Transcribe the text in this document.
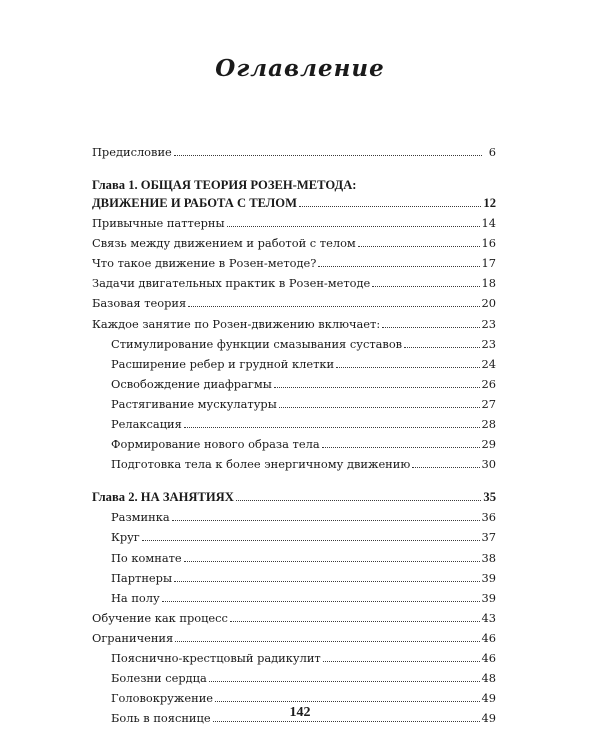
Оглавление
Предисловие	6
Глава 1. ОБЩАЯ ТЕОРИЯ РОЗЕН-МЕТОДА:
ДВИЖЕНИЕ И РАБОТА С ТЕЛОМ	12
Привычные паттерны	14
Связь между движением и работой с телом	16
Что такое движение в Розен-методе?	17
Задачи двигательных практик в Розен-методе	18
Базовая теория	20
Каждое занятие по Розен-движению включает:	23
Стимулирование функции смазывания суставов	23
Расширение ребер и грудной клетки	24
Освобождение диафрагмы	26
Растягивание мускулатуры	27
Релаксация	28
Формирование нового образа тела	29
Подготовка тела к более энергичному движению	30
Глава 2. НА ЗАНЯТИЯХ	35
Разминка	36
Круг	37
По комнате	38
Партнеры	39
На полу	39
Обучение как процесс	43
Ограничения	46
Пояснично-крестцовый радикулит	46
Болезни сердца	48
Головокружение	49
Боль в пояснице	49
142
